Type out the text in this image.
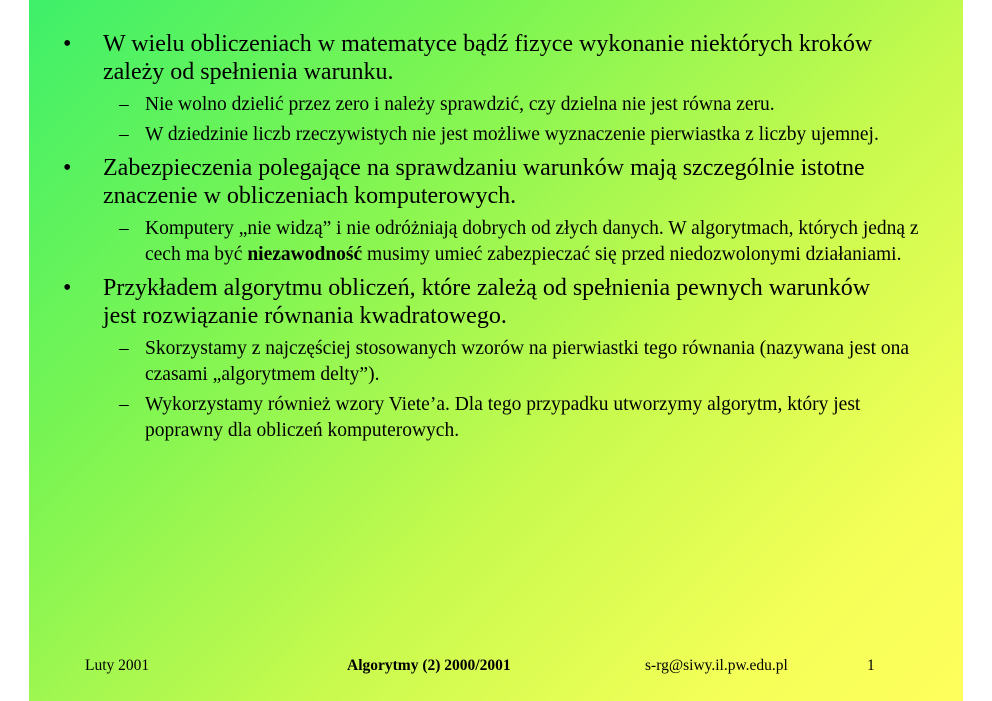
• W wielu obliczeniach w matematyce bądź fizyce wykonanie niektórych kroków zależy od spełnienia warunku.
– Nie wolno dzielić przez zero i należy sprawdzić, czy dzielna nie jest równa zeru.
– W dziedzinie liczb rzeczywistych nie jest możliwe wyznaczenie pierwiastka z liczby ujemnej.
• Zabezpieczenia polegające na sprawdzaniu warunków mają szczególnie istotne znaczenie w obliczeniach komputerowych.
– Komputery „nie widzą” i nie odróżniają dobrych od złych danych. W algorytmach, których jedną z cech ma być niezawodność musimy umieć zabezpieczać się przed niedozwolonymi działaniami.
• Przykładem algorytmu obliczeń, które zależą od spełnienia pewnych warunków jest rozwiązanie równania kwadratowego.
– Skorzystamy z najczęściej stosowanych wzorów na pierwiastki tego równania (nazywana jest ona czasami „algorytmem delty”).
– Wykorzystamy również wzory Viete’a. Dla tego przypadku utworzymy algorytm, który jest poprawny dla obliczeń komputerowych.
Luty 2001	Algorytmy (2) 2000/2001	s-rg@siwy.il.pw.edu.pl	1
